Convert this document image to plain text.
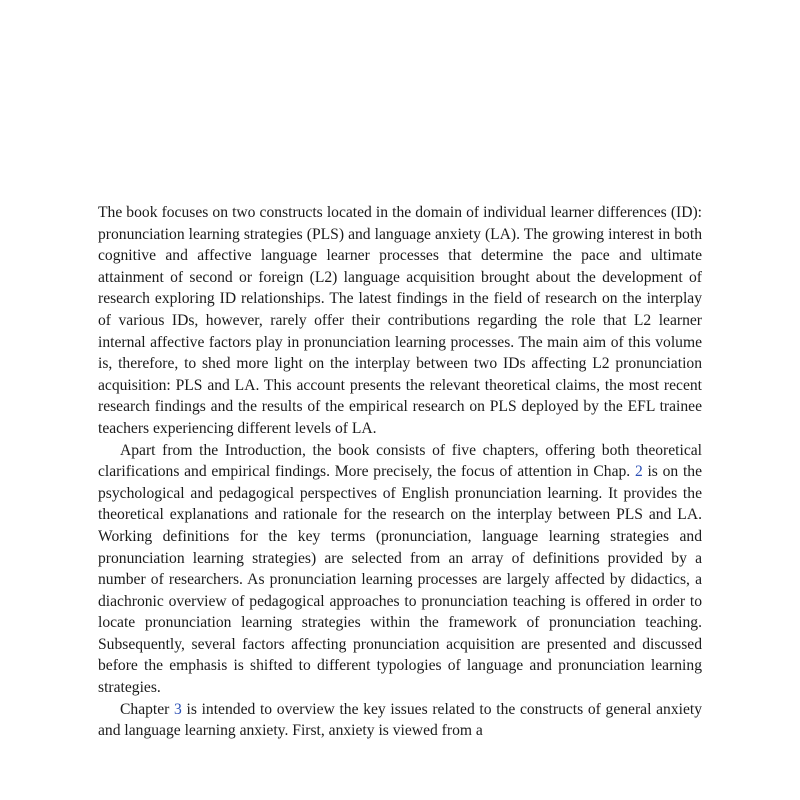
The book focuses on two constructs located in the domain of individual learner differences (ID): pronunciation learning strategies (PLS) and language anxiety (LA). The growing interest in both cognitive and affective language learner processes that determine the pace and ultimate attainment of second or foreign (L2) language acquisition brought about the development of research exploring ID relationships. The latest findings in the field of research on the interplay of various IDs, however, rarely offer their contributions regarding the role that L2 learner internal affective factors play in pronunciation learning processes. The main aim of this volume is, therefore, to shed more light on the interplay between two IDs affecting L2 pronunciation acquisition: PLS and LA. This account presents the relevant theoretical claims, the most recent research findings and the results of the empirical research on PLS deployed by the EFL trainee teachers experiencing different levels of LA.

Apart from the Introduction, the book consists of five chapters, offering both theoretical clarifications and empirical findings. More precisely, the focus of attention in Chap. 2 is on the psychological and pedagogical perspectives of English pronunciation learning. It provides the theoretical explanations and rationale for the research on the interplay between PLS and LA. Working definitions for the key terms (pronunciation, language learning strategies and pronunciation learning strategies) are selected from an array of definitions provided by a number of researchers. As pronunciation learning processes are largely affected by didactics, a diachronic overview of pedagogical approaches to pronunciation teaching is offered in order to locate pronunciation learning strategies within the framework of pronunciation teaching. Subsequently, several factors affecting pronunciation acquisition are presented and discussed before the emphasis is shifted to different typologies of language and pronunciation learning strategies.

Chapter 3 is intended to overview the key issues related to the constructs of general anxiety and language learning anxiety. First, anxiety is viewed from a
